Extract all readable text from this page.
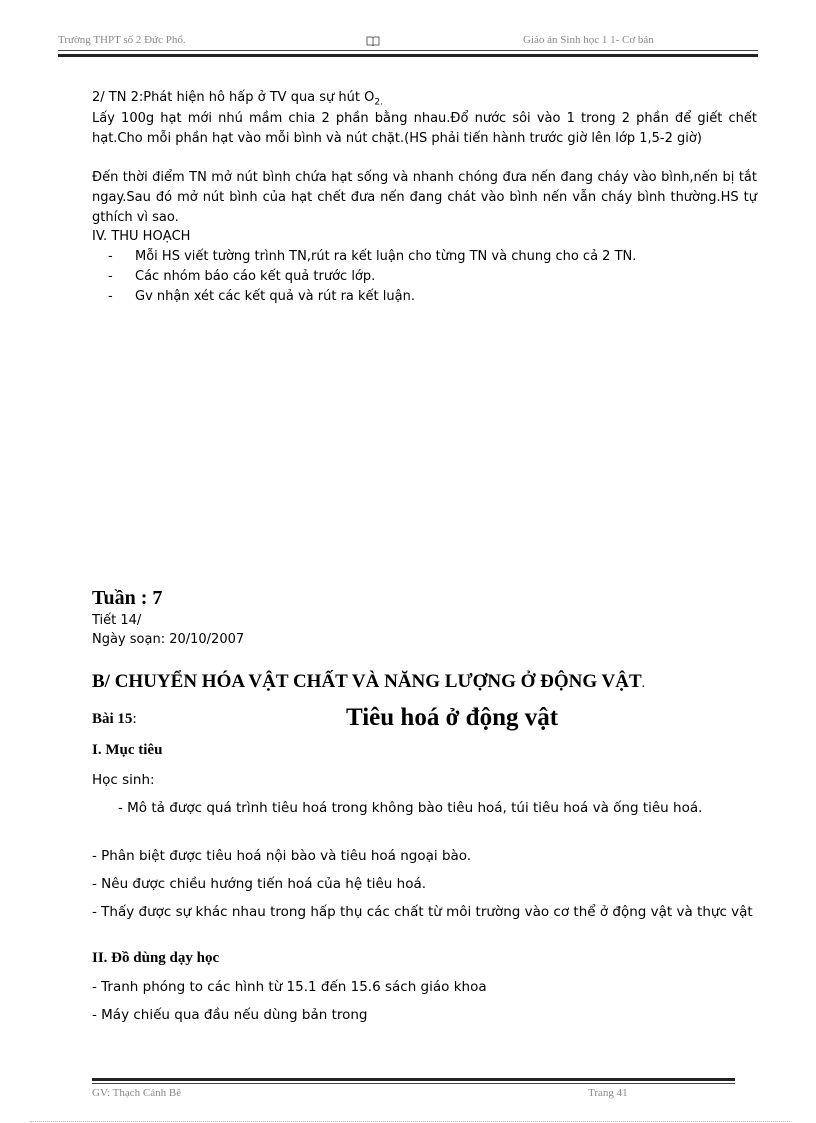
Trường THPT số 2 Đức Phổ.	Giáo án Sinh học 1 1- Cơ bản
2/ TN 2:Phát hiện hô hấp ở TV qua sự hút $O_{2.}$
Lấy 100g hạt mới nhú mầm chia 2 phần bằng nhau.Đổ nước sôi vào 1 trong 2 phần để giết chết hạt.Cho mỗi phần hạt vào mỗi bình và nút chặt.(HS phải tiến hành trước giờ lên lớp 1,5-2 giờ)
Đến thời điểm TN mở nút bình chứa hạt sống và nhanh chóng đưa nến đang cháy vào bình,nến bị tắt ngay.Sau đó mở nút bình của hạt chết đưa nến đang chát vào bình nến vẫn cháy bình thường.HS tự gthích vì sao.
IV. THU HOẠCH
- Mỗi HS viết tường trình TN,rút ra kết luận cho từng TN và chung cho cả 2 TN.
- Các nhóm báo cáo kết quả trước lớp.
- Gv nhận xét các kết quả và rút ra kết luận.
Tuần : 7
Tiết 14/
Ngày soạn: 20/10/2007
B/ CHUYỂN HÓA VẬT CHẤT VÀ NĂNG LƯỢNG Ở ĐỘNG VẬT.
Bài 15:	Tiêu hoá ở động vật
I. Mục tiêu
Học sinh:
- Mô tả được quá trình tiêu hoá trong không bào tiêu hoá, túi tiêu hoá và ống tiêu hoá.
- Phân biệt được tiêu hoá nội bào và tiêu hoá ngoại bào.
- Nêu được chiều hướng tiến hoá của hệ tiêu hoá.
- Thấy được sự khác nhau trong hấp thụ các chất từ môi trường vào cơ thể ở động vật và thực vật
II. Đồ dùng dạy học
- Tranh phóng to các hình từ 15.1 đến 15.6 sách giáo khoa
- Máy chiếu qua đầu nếu dùng bản trong
GV: Thạch Cảnh Bê	Trang 41
